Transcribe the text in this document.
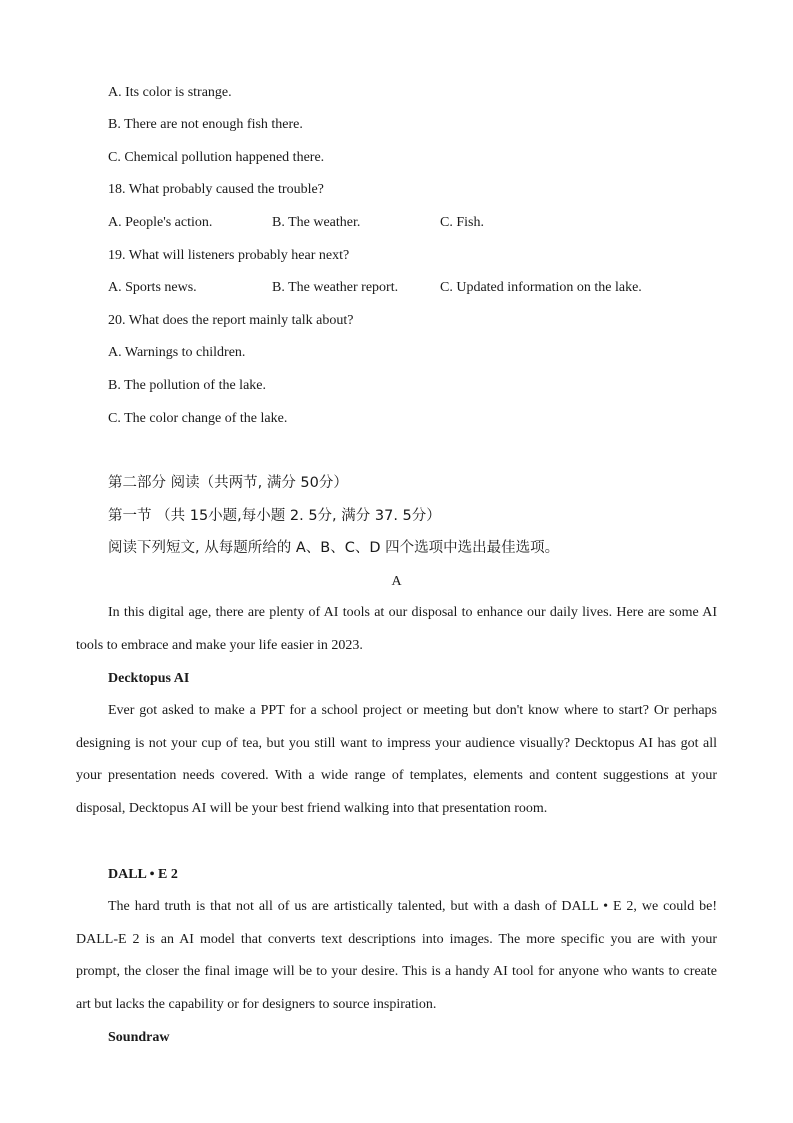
A. Its color is strange.
B. There are not enough fish there.
C. Chemical pollution happened there.
18. What probably caused the trouble?
A. People's action.	B. The weather.	C. Fish.
19. What will listeners probably hear next?
A. Sports news.	B. The weather report.	C. Updated information on the lake.
20. What does the report mainly talk about?
A. Warnings to children.
B. The pollution of the lake.
C. The color change of the lake.
第二部分 阅读（共两节, 满分 50分）
第一节 （共 15小题,每小题 2. 5分, 满分 37. 5分）
阅读下列短文, 从每题所给的 A、B、C、D 四个选项中选出最佳选项。
A
In this digital age, there are plenty of AI tools at our disposal to enhance our daily lives. Here are some AI tools to embrace and make your life easier in 2023.
Decktopus AI
Ever got asked to make a PPT for a school project or meeting but don't know where to start? Or perhaps designing is not your cup of tea, but you still want to impress your audience visually? Decktopus AI has got all your presentation needs covered. With a wide range of templates, elements and content suggestions at your disposal, Decktopus AI will be your best friend walking into that presentation room.
DALL • E 2
The hard truth is that not all of us are artistically talented, but with a dash of DALL • E 2, we could be! DALL-E 2 is an AI model that converts text descriptions into images. The more specific you are with your prompt, the closer the final image will be to your desire. This is a handy AI tool for anyone who wants to create art but lacks the capability or for designers to source inspiration.
Soundraw
